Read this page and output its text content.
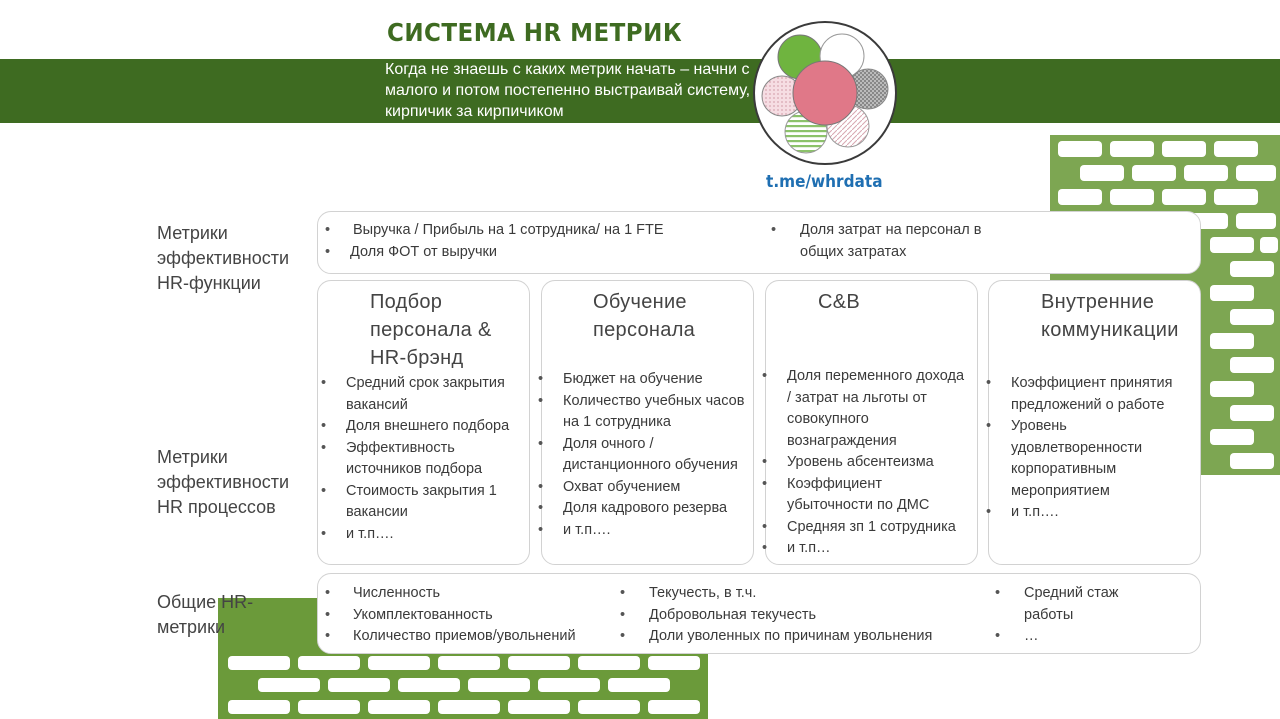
СИСТЕМА HR МЕТРИК
Когда не знаешь с каких метрик начать – начни с малого и потом постепенно выстраивай систему, кирпичик за кирпичиком
t.me/whrdata
Метрики эффективности HR-функции
• Выручка / Прибыль на 1 сотрудника/ на 1 FTE
• Доля ФОТ от выручки
• Доля затрат на персонал в общих затратах
Метрики эффективности HR процессов
Подбор персонала & HR-брэнд
• Средний срок закрытия вакансий
• Доля внешнего подбора
• Эффективность источников подбора
• Стоимость закрытия 1 вакансии
• и т.п….
Обучение персонала
• Бюджет на обучение
• Количество учебных часов на 1 сотрудника
• Доля очного / дистанционного обучения
• Охват обучением
• Доля кадрового резерва
• и т.п….
C&B
• Доля переменного дохода / затрат на льготы от совокупного вознаграждения
• Уровень абсентеизма
• Коэффициент убыточности по ДМС
• Средняя зп 1 сотрудника
• и т.п…
Внутренние коммуникации
• Коэффициент принятия предложений о работе
• Уровень удовлетворенности корпоративным мероприятием
• и т.п….
Общие HR-метрики
• Численность
• Укомплектованность
• Количество приемов/увольнений
• Текучесть, в т.ч.
• Добровольная текучесть
• Доли уволенных по причинам увольнения
• Средний стаж работы
• …
